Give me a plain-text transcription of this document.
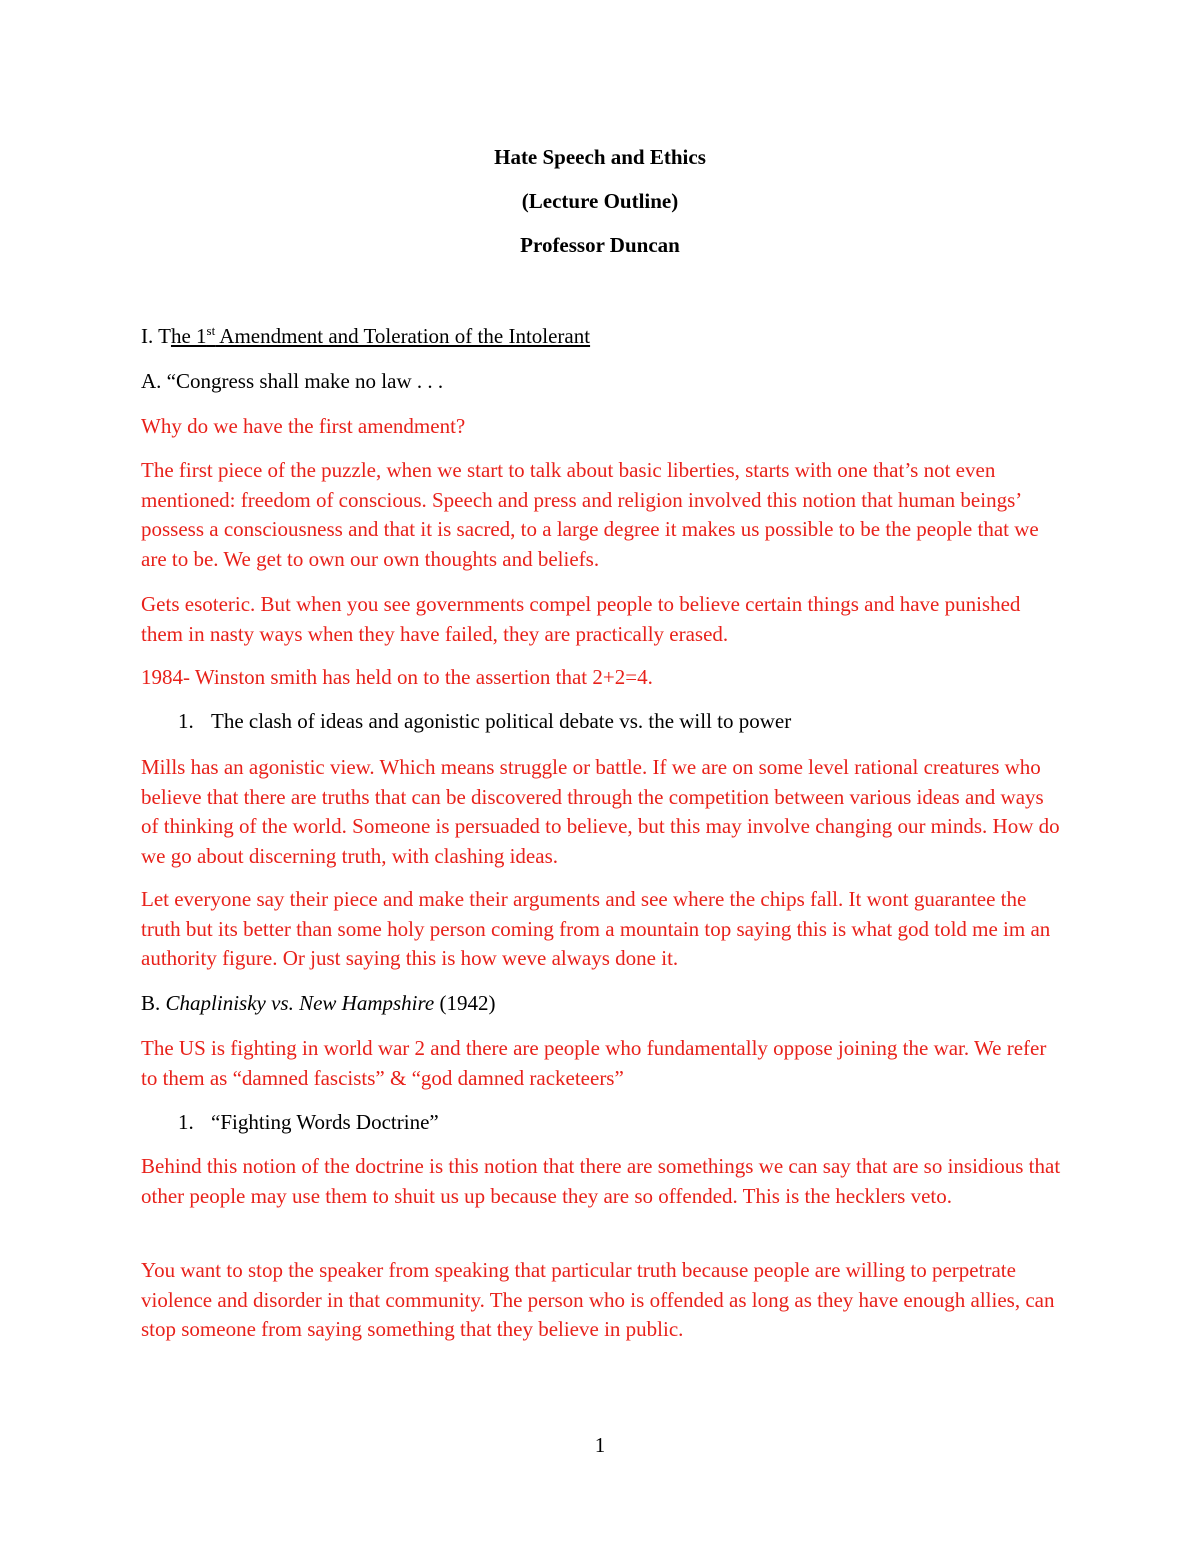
Hate Speech and Ethics
(Lecture Outline)
Professor Duncan
I. The 1st Amendment and Toleration of the Intolerant
A. “Congress shall make no law . . .
Why do we have the first amendment?
The first piece of the puzzle, when we start to talk about basic liberties, starts with one that’s not even mentioned: freedom of conscious. Speech and press and religion involved this notion that human beings’ possess a consciousness and that it is sacred, to a large degree it makes us possible to be the people that we are to be. We get to own our own thoughts and beliefs.
Gets esoteric. But when you see governments compel people to believe certain things and have punished them in nasty ways when they have failed, they are practically erased.
1984- Winston smith has held on to the assertion that 2+2=4.
1. The clash of ideas and agonistic political debate vs. the will to power
Mills has an agonistic view. Which means struggle or battle. If we are on some level rational creatures who believe that there are truths that can be discovered through the competition between various ideas and ways of thinking of the world. Someone is persuaded to believe, but this may involve changing our minds. How do we go about discerning truth, with clashing ideas.
Let everyone say their piece and make their arguments and see where the chips fall. It wont guarantee the truth but its better than some holy person coming from a mountain top saying this is what god told me im an authority figure. Or just saying this is how weve always done it.
B. Chaplinisky vs. New Hampshire (1942)
The US is fighting in world war 2 and there are people who fundamentally oppose joining the war. We refer to them as “damned fascists” & “god damned racketeers”
1. “Fighting Words Doctrine”
Behind this notion of the doctrine is this notion that there are somethings we can say that are so insidious that other people may use them to shuit us up because they are so offended. This is the hecklers veto.
You want to stop the speaker from speaking that particular truth because people are willing to perpetrate violence and disorder in that community. The person who is offended as long as they have enough allies, can stop someone from saying something that they believe in public.
1
